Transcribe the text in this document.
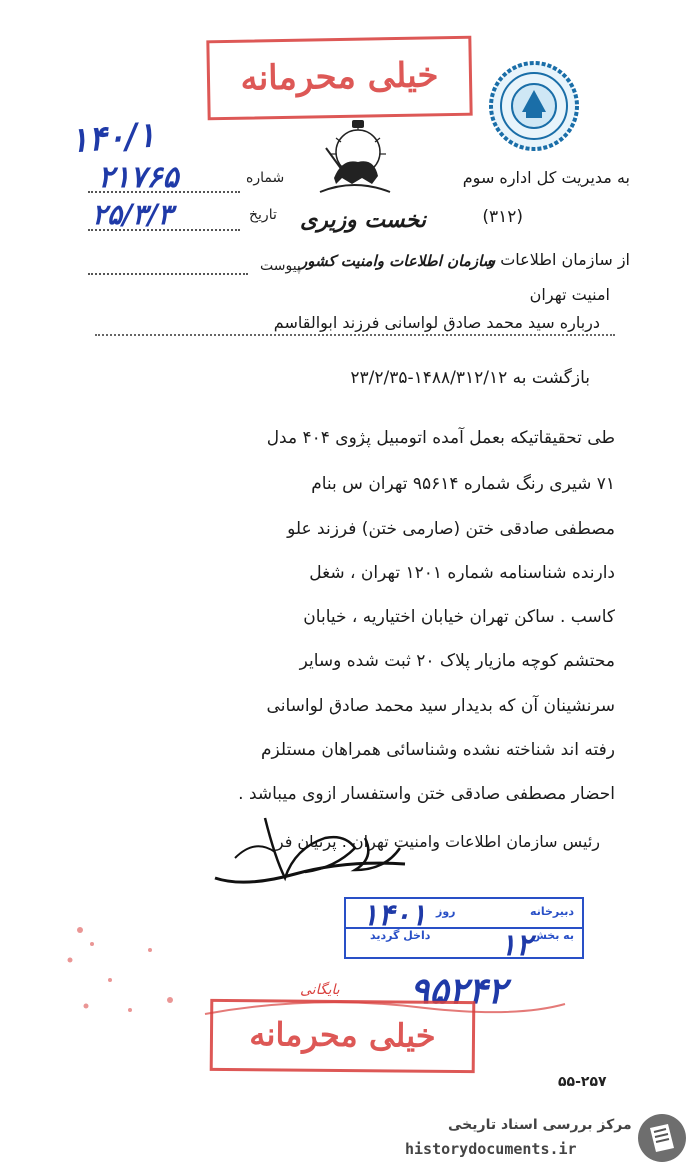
خیلی محرمانه
۱۴۰/۱
شماره
۲۱۷۶۵
تاریخ
۲۵/۳/۳
پیوست
به مدیریت کل اداره سوم
(۳۱۲)
نخست وزیری
از سازمان اطلاعات و
سازمان اطلاعات وامنیت کشور
امنیت تهران
درباره سید محمد صادق لواسانی فرزند ابوالقاسم
بازگشت به ۱۴۸۸/۳۱۲/۱۲-۲۳/۲/۳۵
طی تحقیقاتیکه بعمل آمده اتومبیل پژوی ۴۰۴ مدل
۷۱ شیری رنگ شماره ۹۵۶۱۴ تهران س بنام
مصطفی صادقی ختن (صارمی ختن) فرزند علو
دارنده شناسنامه شماره ۱۲۰۱ تهران ، شغل
کاسب . ساکن تهران خیابان اختیاریه ، خیابان
محتشم کوچه مازیار پلاک ۲۰ ثبت شده وسایر
سرنشینان آن که بدیدار سید محمد صادق لواسانی
رفته اند شناخته نشده وشناسائی همراهان مستلزم
احضار مصطفی صادقی ختن واستفسار ازوی میباشد .
رئیس سازمان اطلاعات وامنیت تهران . پرنیان فر
دبیرخانه
روز
داخل گردید	به بخش
۱۴۰۱
۱۲
بایگانی ۹۵۲۴۲
خیلی محرمانه
۵۵-۲۵۷
مرکز بررسی اسناد تاریخی
historydocuments.ir
